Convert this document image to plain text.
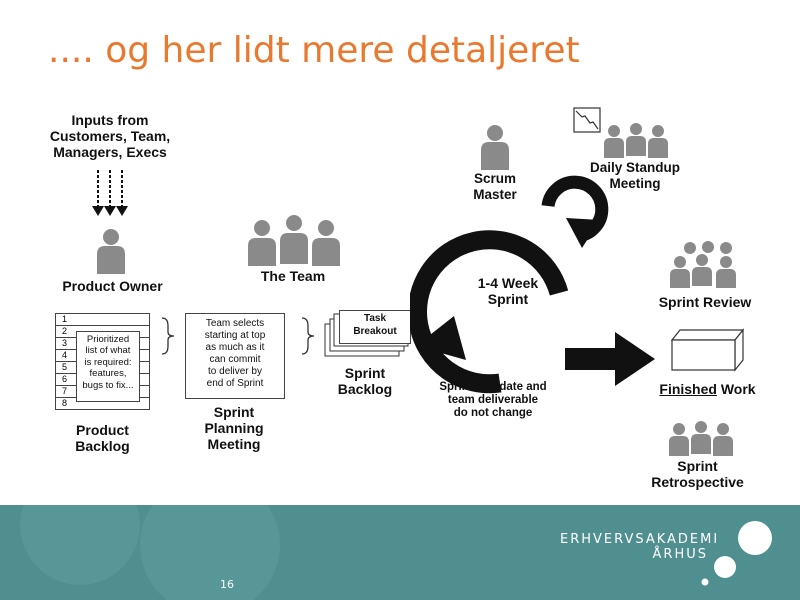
.... og her lidt mere detaljeret
Inputs from
Customers, Team,
Managers, Execs
Product Owner
The Team
1
2
3
4
5
6
7
8
Prioritized
list of what
is required:
features,
bugs to fix...
Product
Backlog
Team selects
starting at top
as much as it
can commit
to deliver by
end of Sprint
Sprint
Planning
Meeting
Task
Breakout
Sprint
Backlog
Scrum
Master
Daily Standup
Meeting
1-4 Week
Sprint
Sprint end date and
team deliverable
do not change
Sprint Review
Finished Work
Sprint
Retrospective
ERHVERVSAKADEMI
ÅRHUS
16
